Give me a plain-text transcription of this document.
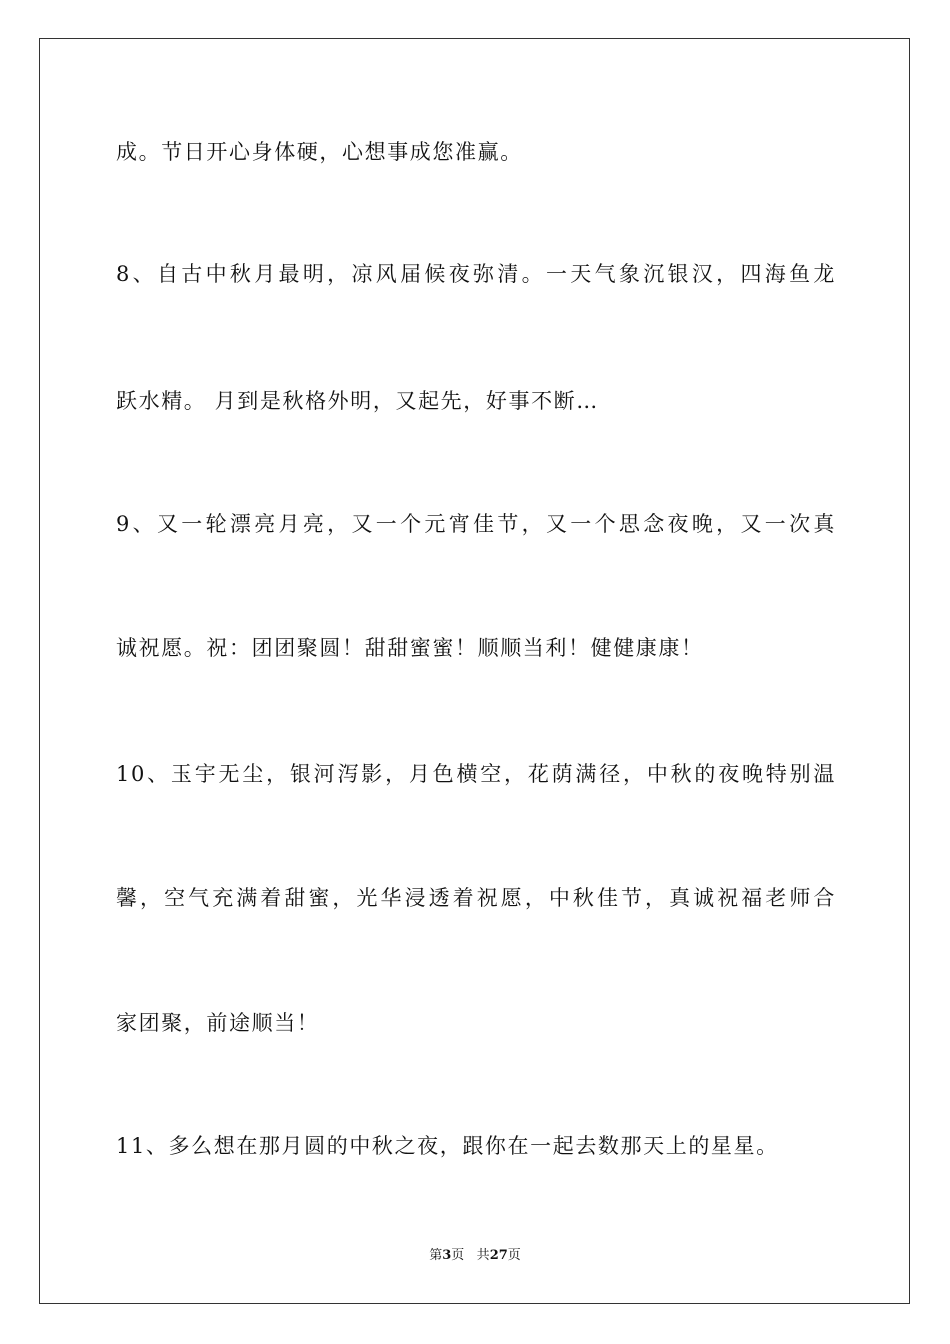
成。节日开心身体硬，心想事成您准赢。
8、自古中秋月最明，凉风届候夜弥清。一天气象沉银汉，四海鱼龙
跃水精。 月到是秋格外明，又起先，好事不断…
9、又一轮漂亮月亮，又一个元宵佳节，又一个思念夜晚，又一次真
诚祝愿。祝：团团聚圆！甜甜蜜蜜！顺顺当利！健健康康！
10、玉宇无尘，银河泻影，月色横空，花荫满径，中秋的夜晚特别温
馨，空气充满着甜蜜，光华浸透着祝愿，中秋佳节，真诚祝福老师合
家团聚，前途顺当！
11、多么想在那月圆的中秋之夜，跟你在一起去数那天上的星星。
第3页 共27页
